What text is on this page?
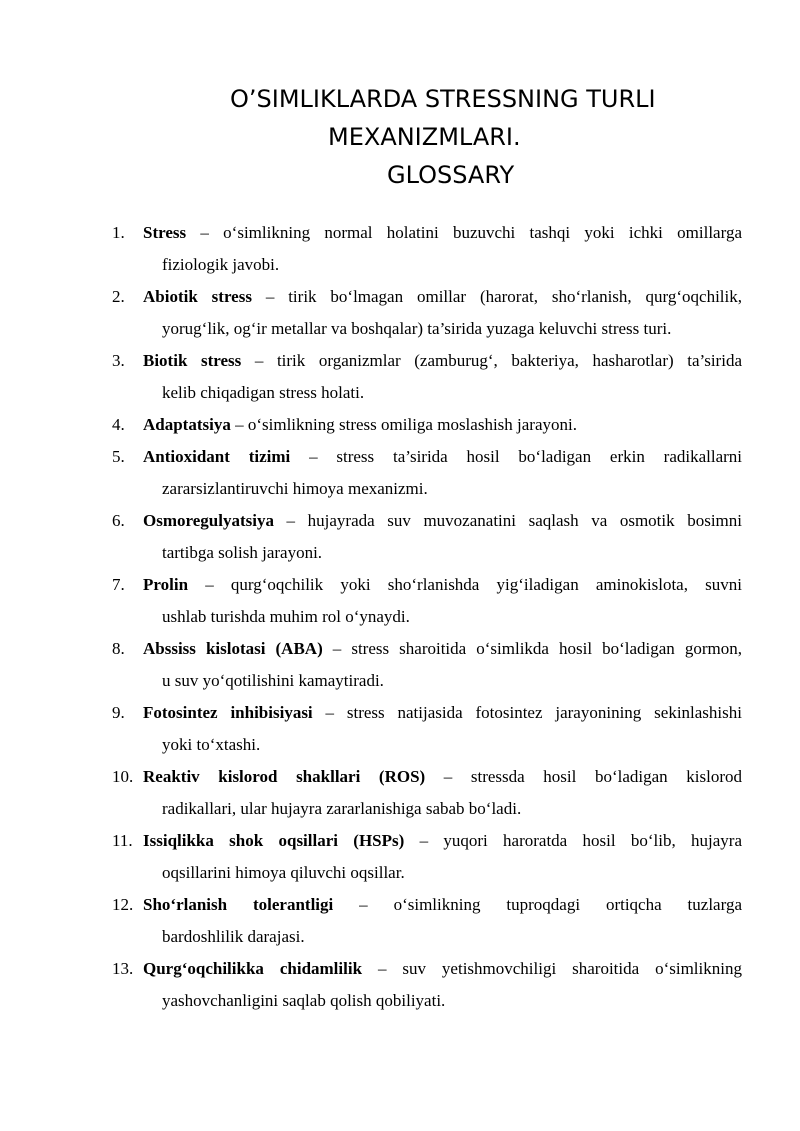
O’SIMLIKLARDA STRESSNING TURLI
MEXANIZMLARI.
GLOSSARY
1. Stress – o‘simlikning normal holatini buzuvchi tashqi yoki ichki omillarga
fiziologik javobi.
2. Abiotik stress – tirik bo‘lmagan omillar (harorat, sho‘rlanish, qurg‘oqchilik,
yorug‘lik, og‘ir metallar va boshqalar) ta’sirida yuzaga keluvchi stress turi.
3. Biotik stress – tirik organizmlar (zamburug‘, bakteriya, hasharotlar) ta’sirida
kelib chiqadigan stress holati.
4. Adaptatsiya – o‘simlikning stress omiliga moslashish jarayoni.
5. Antioxidant tizimi – stress ta’sirida hosil bo‘ladigan erkin radikallarni
zararsizlantiruvchi himoya mexanizmi.
6. Osmoregulyatsiya – hujayrada suv muvozanatini saqlash va osmotik bosimni
tartibga solish jarayoni.
7. Prolin – qurg‘oqchilik yoki sho‘rlanishda yig‘iladigan aminokislota, suvni
ushlab turishda muhim rol o‘ynaydi.
8. Abssiss kislotasi (ABA) – stress sharoitida o‘simlikda hosil bo‘ladigan gormon,
u suv yo‘qotilishini kamaytiradi.
9. Fotosintez inhibisiyasi – stress natijasida fotosintez jarayonining sekinlashishi
yoki to‘xtashi.
10. Reaktiv kislorod shakllari (ROS) – stressda hosil bo‘ladigan kislorod
radikallari, ular hujayra zararlanishiga sabab bo‘ladi.
11. Issiqlikka shok oqsillari (HSPs) – yuqori haroratda hosil bo‘lib, hujayra
oqsillarini himoya qiluvchi oqsillar.
12. Sho‘rlanish tolerantligi – o‘simlikning tuproqdagi ortiqcha tuzlarga
bardoshlilik darajasi.
13. Qurg‘oqchilikka chidamlilik – suv yetishmovchiligi sharoitida o‘simlikning
yashovchanligini saqlab qolish qobiliyati.
